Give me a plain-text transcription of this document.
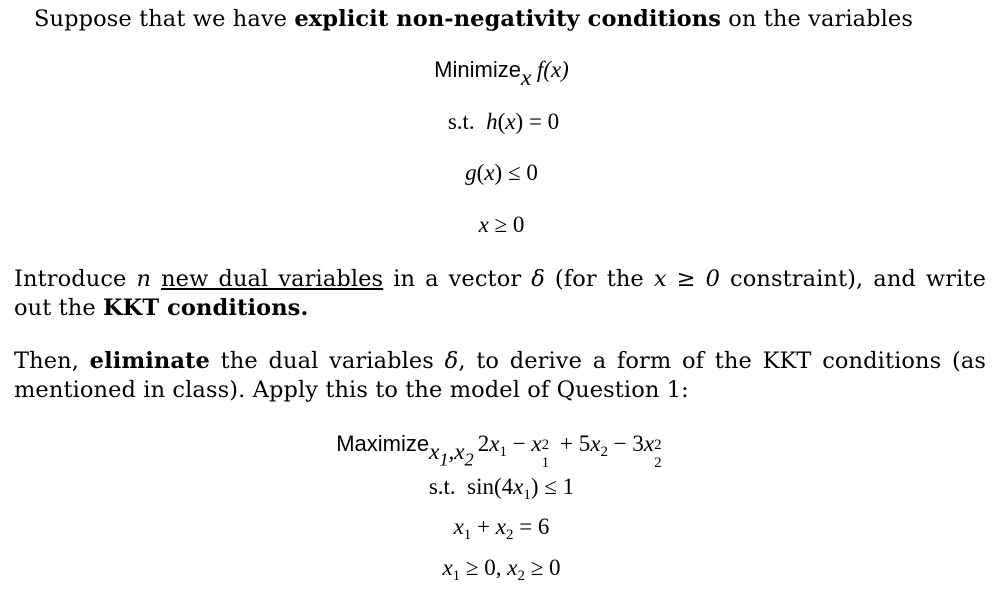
Suppose that we have explicit non-negativity conditions on the variables
Minimize$_x$ f(x)
s.t. h(x) = 0
g(x) ≤ 0
x ≥ 0
Introduce n new dual variables in a vector δ (for the x ≥ 0 constraint), and write out the KKT conditions.
Then, eliminate the dual variables δ, to derive a form of the KKT conditions (as mentioned in class). Apply this to the model of Question 1:
Maximize$_{x_1,x_2}$ $2x_1 - x$ 2
1
+ $5x_2 - 3x$ 2
2
s.t. $\sin(4x_1) \le 1$
$x_1 + x_2 = 6$
$x_1 \ge 0$, $x_2 \ge 0$
